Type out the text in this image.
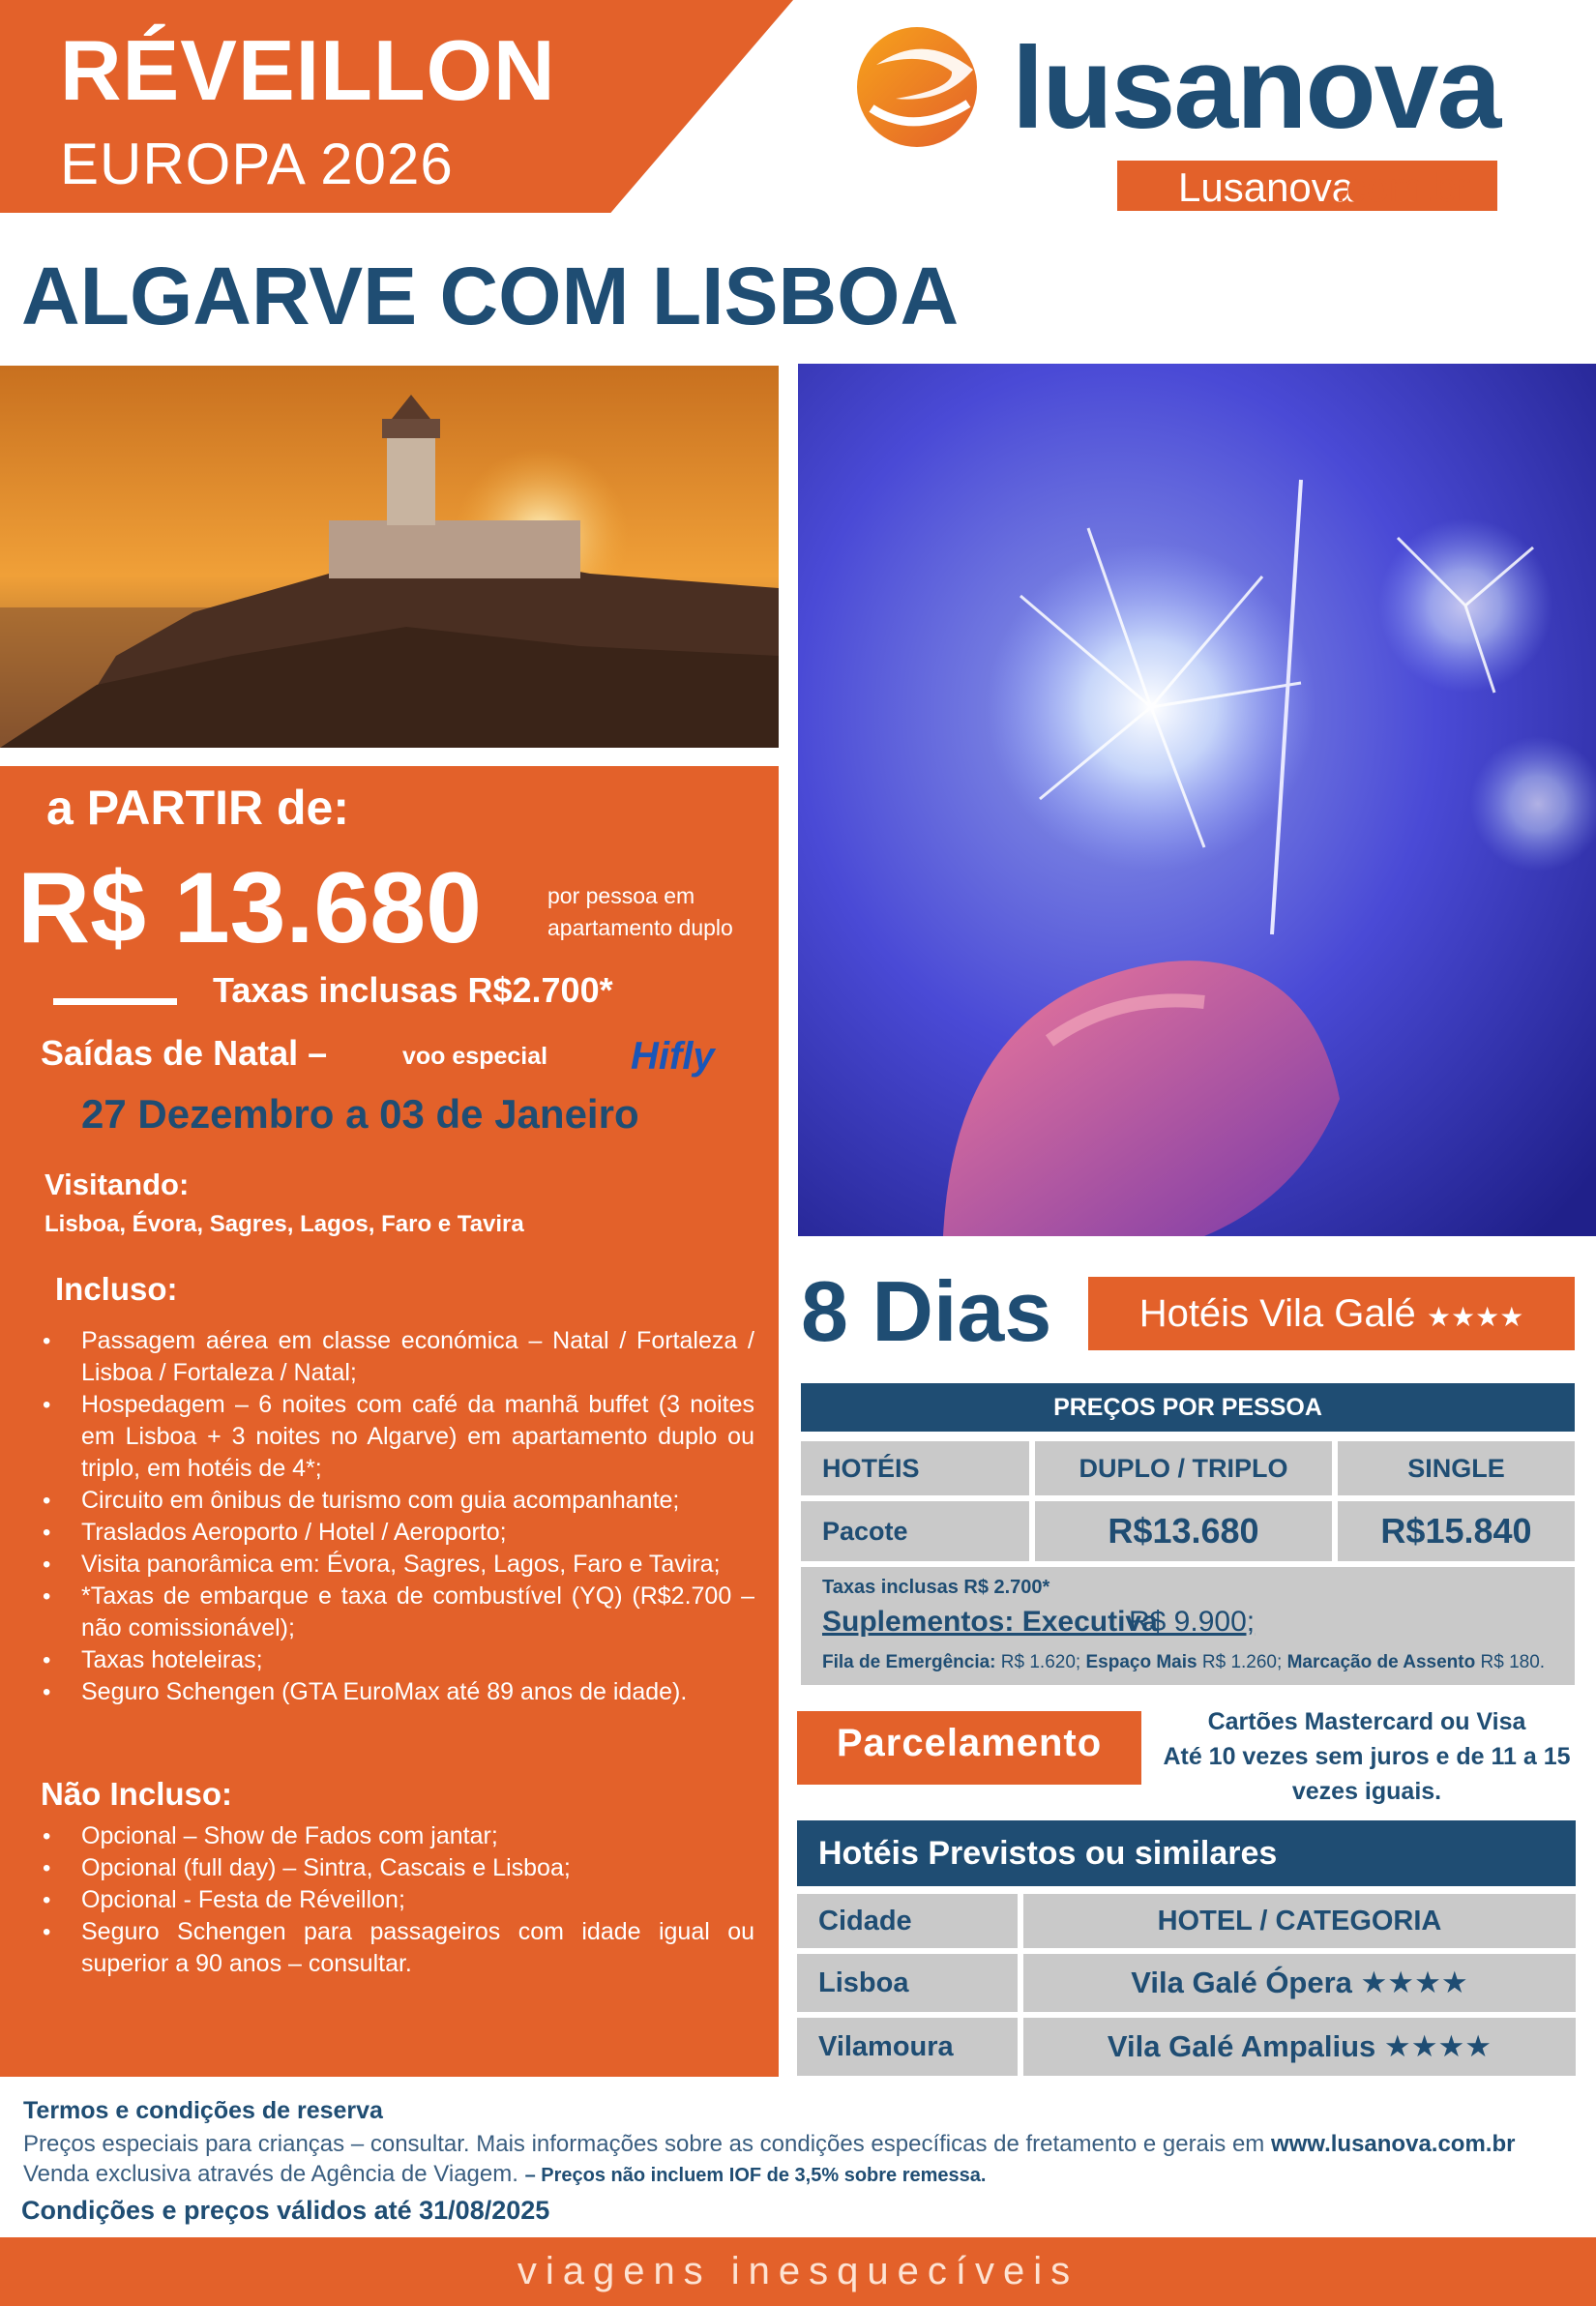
RÉVEILLON
EUROPA 2026
lusanova
Lusanova
.com.br
ALGARVE COM LISBOA
a PARTIR de:
R$ 13.680	por pessoa em apartamento duplo
Taxas inclusas R$2.700*
Saídas de Natal –	voo especial Hifly
27 Dezembro a 03 de Janeiro
Visitando:
Lisboa, Évora, Sagres, Lagos, Faro e Tavira
Incluso:
• Passagem aérea em classe económica – Natal / Fortaleza / Lisboa / Fortaleza / Natal;
• Hospedagem – 6 noites com café da manhã buffet (3 noites em Lisboa + 3 noites no Algarve) em apartamento duplo ou triplo, em hotéis de 4*;
• Circuito em ônibus de turismo com guia acompanhante;
• Traslados Aeroporto / Hotel / Aeroporto;
• Visita panorâmica em: Évora, Sagres, Lagos, Faro e Tavira;
• *Taxas de embarque e taxa de combustível (YQ) (R$2.700 – não comissionável);
• Taxas hoteleiras;
• Seguro Schengen (GTA EuroMax até 89 anos de idade).
Não Incluso:
• Opcional – Show de Fados com jantar;
• Opcional (full day) – Sintra, Cascais e Lisboa;
• Opcional - Festa de Réveillon;
• Seguro Schengen para passageiros com idade igual ou superior a 90 anos – consultar.
8 Dias	Hotéis Vila Galé ★★★★
PREÇOS POR PESSOA
HOTÉIS	DUPLO / TRIPLO	SINGLE
Pacote	R$13.680	R$15.840
Taxas inclusas R$ 2.700*
Suplementos: Executiva
R$ 9.900;
Fila de Emergência: R$ 1.620; Espaço Mais R$ 1.260; Marcação de Assento R$ 180.
Parcelamento	Cartões Mastercard ou Visa
Até 10 vezes sem juros e de 11 a 15
vezes iguais.
Hotéis Previstos ou similares
Cidade	HOTEL / CATEGORIA
Lisboa	Vila Galé Ópera ★★★★
Vilamoura	Vila Galé Ampalius ★★★★
Termos e condições de reserva
Preços especiais para crianças – consultar. Mais informações sobre as condições específicas de fretamento e gerais em www.lusanova.com.br
Venda exclusiva através de Agência de Viagem. – Preços não incluem IOF de 3,5% sobre remessa.
Condições e preços válidos até 31/08/2025
viagens inesquecíveis
